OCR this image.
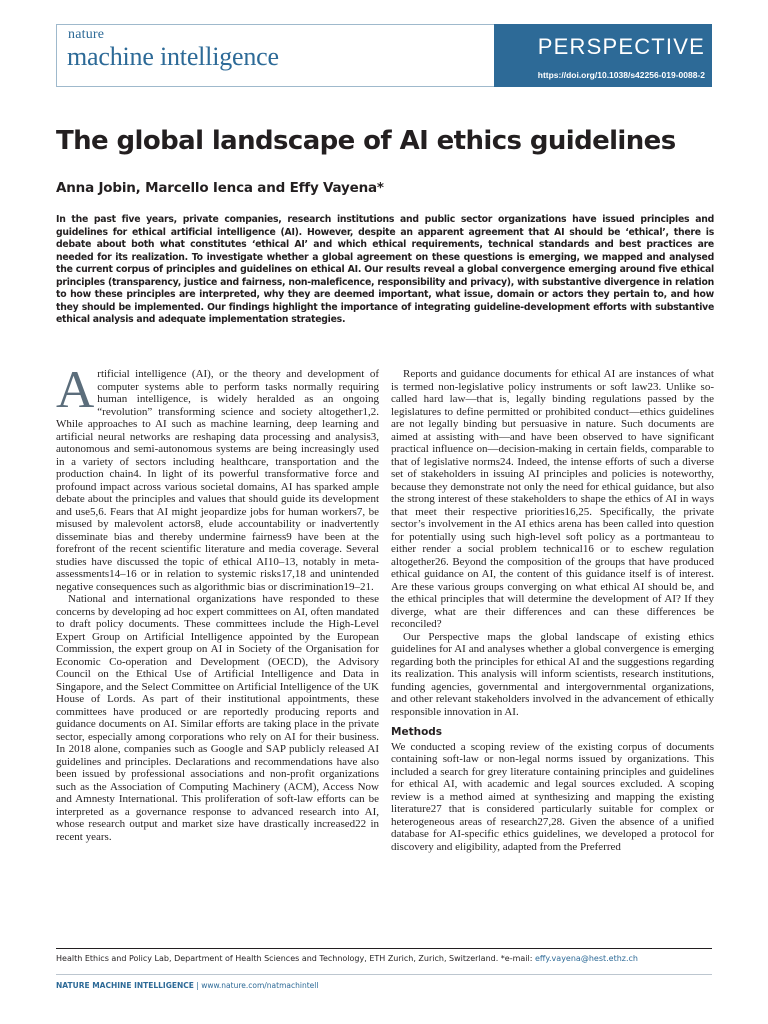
nature
machine intelligence	PERSPECTIVE
https://doi.org/10.1038/s42256-019-0088-2
The global landscape of AI ethics guidelines
Anna Jobin, Marcello Ienca and Effy Vayena*

In the past five years, private companies, research institutions and public sector organizations have issued principles and guidelines for ethical artificial intelligence (AI). However, despite an apparent agreement that AI should be ‘ethical’, there is debate about both what constitutes ‘ethical AI’ and which ethical requirements, technical standards and best practices are needed for its realization. To investigate whether a global agreement on these questions is emerging, we mapped and analysed the current corpus of principles and guidelines on ethical AI. Our results reveal a global convergence emerging around five ethical principles (transparency, justice and fairness, non-maleficence, responsibility and privacy), with substantive divergence in relation to how these principles are interpreted, why they are deemed important, what issue, domain or actors they pertain to, and how they should be implemented. Our findings highlight the importance of integrating guideline-development efforts with substantive ethical analysis and adequate implementation strategies.

Artificial intelligence (AI), or the theory and development of computer systems able to perform tasks normally requiring human intelligence, is widely heralded as an ongoing “revolution” transforming science and society altogether1,2. While approaches to AI such as machine learning, deep learning and artificial neural networks are reshaping data processing and analysis3, autonomous and semi-autonomous systems are being increasingly used in a variety of sectors including healthcare, transportation and the production chain4. In light of its powerful transformative force and profound impact across various societal domains, AI has sparked ample debate about the principles and values that should guide its development and use5,6. Fears that AI might jeopardize jobs for human workers7, be misused by malevolent actors8, elude accountability or inadvertently disseminate bias and thereby undermine fairness9 have been at the forefront of the recent scientific literature and media coverage. Several studies have discussed the topic of ethical AI10–13, notably in meta-assessments14–16 or in relation to systemic risks17,18 and unintended negative consequences such as algorithmic bias or discrimination19–21.

National and international organizations have responded to these concerns by developing ad hoc expert committees on AI, often mandated to draft policy documents. These committees include the High-Level Expert Group on Artificial Intelligence appointed by the European Commission, the expert group on AI in Society of the Organisation for Economic Co-operation and Development (OECD), the Advisory Council on the Ethical Use of Artificial Intelligence and Data in Singapore, and the Select Committee on Artificial Intelligence of the UK House of Lords. As part of their institutional appointments, these committees have produced or are reportedly producing reports and guidance documents on AI. Similar efforts are taking place in the private sector, especially among corporations who rely on AI for their business. In 2018 alone, companies such as Google and SAP publicly released AI guidelines and principles. Declarations and recommendations have also been issued by professional associations and non-profit organizations such as the Association of Computing Machinery (ACM), Access Now and Amnesty International. This proliferation of soft-law efforts can be interpreted as a governance response to advanced research into AI, whose research output and market size have drastically increased22 in recent years.

Reports and guidance documents for ethical AI are instances of what is termed non-legislative policy instruments or soft law23. Unlike so-called hard law—that is, legally binding regulations passed by the legislatures to define permitted or prohibited conduct—ethics guidelines are not legally binding but persuasive in nature. Such documents are aimed at assisting with—and have been observed to have significant practical influence on—decision-making in certain fields, comparable to that of legislative norms24. Indeed, the intense efforts of such a diverse set of stakeholders in issuing AI principles and policies is noteworthy, because they demonstrate not only the need for ethical guidance, but also the strong interest of these stakeholders to shape the ethics of AI in ways that meet their respective priorities16,25. Specifically, the private sector’s involvement in the AI ethics arena has been called into question for potentially using such high-level soft policy as a portmanteau to either render a social problem technical16 or to eschew regulation altogether26. Beyond the composition of the groups that have produced ethical guidance on AI, the content of this guidance itself is of interest. Are these various groups converging on what ethical AI should be, and the ethical principles that will determine the development of AI? If they diverge, what are their differences and can these differences be reconciled?

Our Perspective maps the global landscape of existing ethics guidelines for AI and analyses whether a global convergence is emerging regarding both the principles for ethical AI and the suggestions regarding its realization. This analysis will inform scientists, research institutions, funding agencies, governmental and intergovernmental organizations, and other relevant stakeholders involved in the advancement of ethically responsible innovation in AI.

Methods

We conducted a scoping review of the existing corpus of documents containing soft-law or non-legal norms issued by organizations. This included a search for grey literature containing principles and guidelines for ethical AI, with academic and legal sources excluded. A scoping review is a method aimed at synthesizing and mapping the existing literature27 that is considered particularly suitable for complex or heterogeneous areas of research27,28. Given the absence of a unified database for AI-specific ethics guidelines, we developed a protocol for discovery and eligibility, adapted from the Preferred

Health Ethics and Policy Lab, Department of Health Sciences and Technology, ETH Zurich, Zurich, Switzerland. *e-mail: effy.vayena@hest.ethz.ch
NATURE MACHINE INTELLIGENCE | www.nature.com/natmachintell
